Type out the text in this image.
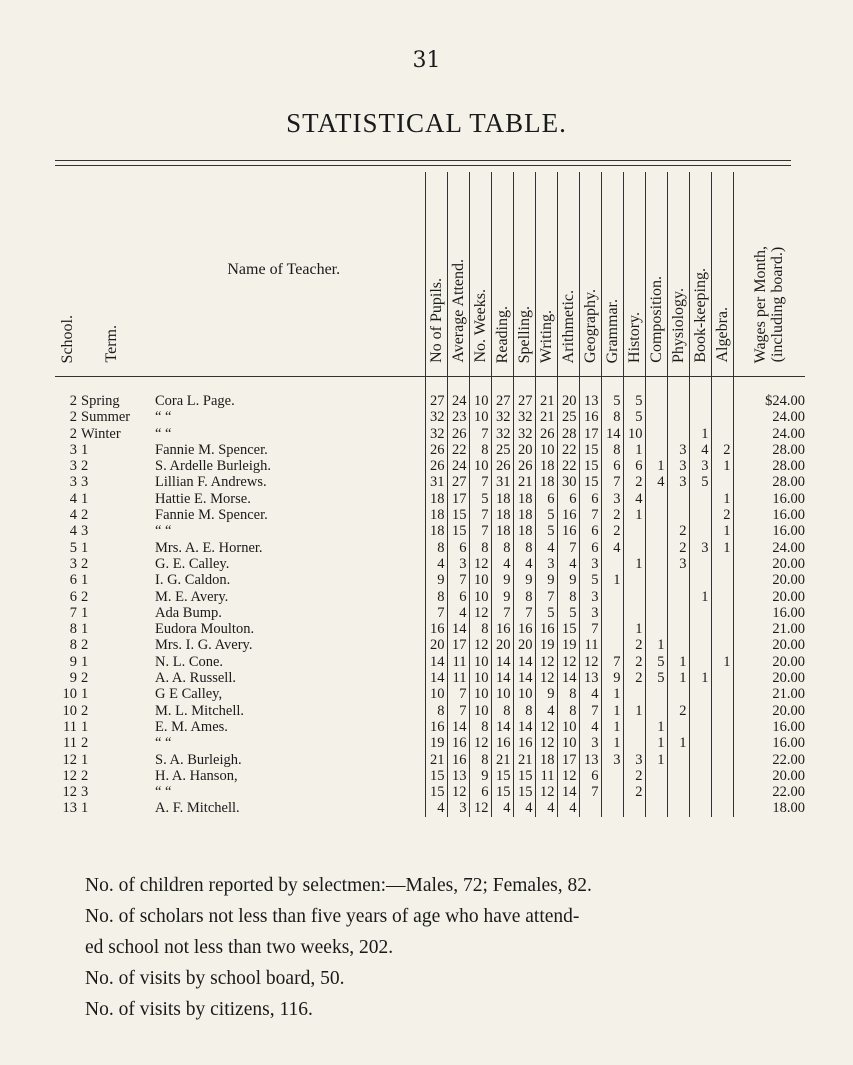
31
STATISTICAL TABLE.
School.	Term.	Name of Teacher.	No of Pupils.	Average Attend.	No. Weeks.	Reading.	Spelling.	Writing.	Arithmetic.	Geography.	Grammar.	History.	Composition.	Physiology.	Book-keeping.	Algebra.	Wages per Month,
(including board.)
2	Spring	Cora L. Page.	27	24	10	27	27	21	20	13	5	5					$24.00
2	Summer	“ “	32	23	10	32	32	21	25	16	8	5					24.00
2	Winter	“ “	32	26	7	32	32	26	28	17	14	10			1		24.00
3	1	Fannie M. Spencer.	26	22	8	25	20	10	22	15	8	1		3	4	2	28.00
3	2	S. Ardelle Burleigh.	26	24	10	26	26	18	22	15	6	6	1	3	3	1	28.00
3	3	Lillian F. Andrews.	31	27	7	31	21	18	30	15	7	2	4	3	5		28.00
4	1	Hattie E. Morse.	18	17	5	18	18	6	6	6	3	4				1	16.00
4	2	Fannie M. Spencer.	18	15	7	18	18	5	16	7	2	1				2	16.00
4	3	“ “	18	15	7	18	18	5	16	6	2			2		1	16.00
5	1	Mrs. A. E. Horner.	8	6	8	8	8	4	7	6	4			2	3	1	24.00
3	2	G. E. Calley.	4	3	12	4	4	3	4	3		1		3			20.00
6	1	I. G. Caldon.	9	7	10	9	9	9	9	5	1						20.00
6	2	M. E. Avery.	8	6	10	9	8	7	8	3					1		20.00
7	1	Ada Bump.	7	4	12	7	7	5	5	3							16.00
8	1	Eudora Moulton.	16	14	8	16	16	16	15	7		1					21.00
8	2	Mrs. I. G. Avery.	20	17	12	20	20	19	19	11		2	1				20.00
9	1	N. L. Cone.	14	11	10	14	14	12	12	12	7	2	5	1		1	20.00
9	2	A. A. Russell.	14	11	10	14	14	12	14	13	9	2	5	1	1		20.00
10	1	G E Calley,	10	7	10	10	10	9	8	4	1						21.00
10	2	M. L. Mitchell.	8	7	10	8	8	4	8	7	1	1		2			20.00
11	1	E. M. Ames.	16	14	8	14	14	12	10	4	1		1				16.00
11	2	“ “	19	16	12	16	16	12	10	3	1		1	1			16.00
12	1	S. A. Burleigh.	21	16	8	21	21	18	17	13	3	3	1				22.00
12	2	H. A. Hanson,	15	13	9	15	15	11	12	6		2					20.00
12	3	“ “	15	12	6	15	15	12	14	7		2					22.00
13	1	A. F. Mitchell.	4	3	12	4	4	4	4								18.00

No. of children reported by selectmen:—Males, 72; Females, 82.

No. of scholars not less than five years of age who have attend-

ed school not less than two weeks, 202.

No. of visits by school board, 50.

No. of visits by citizens, 116.
